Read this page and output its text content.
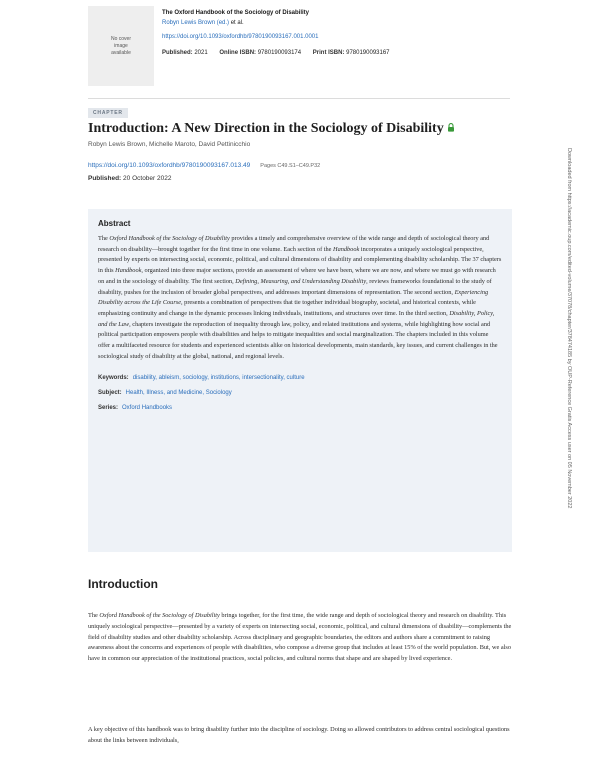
No cover
image
available
The Oxford Handbook of the Sociology of Disability
Robyn Lewis Brown (ed.) et al.
https://doi.org/10.1093/oxfordhb/9780190093167.001.0001
Published: 2021 Online ISBN: 9780190093174 Print ISBN: 9780190093167
CHAPTER
Introduction: A New Direction in the Sociology of Disability
Robyn Lewis Brown, Michelle Maroto, David Pettinicchio
https://doi.org/10.1093/oxfordhb/9780190093167.013.49 Pages C49.S1–C49.P32
Published: 20 October 2022
Abstract

The Oxford Handbook of the Sociology of Disability provides a timely and comprehensive overview of the wide range and depth of sociological theory and research on disability—brought together for the first time in one volume. Each section of the Handbook incorporates a uniquely sociological perspective, presented by experts on intersecting social, economic, political, and cultural dimensions of disability and complementing disability scholarship. The 37 chapters in this Handbook, organized into three major sections, provide an assessment of where we have been, where we are now, and where we must go with research on and in the sociology of disability. The first section, Defining, Measuring, and Understanding Disability, reviews frameworks foundational to the study of disability, pushes for the inclusion of broader global perspectives, and addresses important dimensions of representation. The second section, Experiencing Disability across the Life Course, presents a combination of perspectives that tie together individual biography, societal, and historical contexts, while emphasizing continuity and change in the dynamic processes linking individuals, institutions, and structures over time. In the third section, Disability, Policy, and the Law, chapters investigate the reproduction of inequality through law, policy, and related institutions and systems, while highlighting how social and political participation empowers people with disabilities and helps to mitigate inequalities and social marginalization. The chapters included in this volume offer a multifaceted resource for students and experienced scientists alike on historical developments, main standards, key issues, and current challenges in the sociological study of disability at the global, national, and regional levels.

Keywords: disability, ableism, sociology, institutions, intersectionality, culture
Subject: Health, Illness, and Medicine, Sociology
Series: Oxford Handbooks
Introduction

The Oxford Handbook of the Sociology of Disability brings together, for the first time, the wide range and depth of sociological theory and research on disability. This uniquely sociological perspective—presented by a variety of experts on intersecting social, economic, political, and cultural dimensions of disability—complements the field of disability studies and other disability scholarship. Across disciplinary and geographic boundaries, the editors and authors share a commitment to raising awareness about the concerns and experiences of people with disabilities, who compose a diverse group that includes at least 15% of the world population. But, we also have in common our appreciation of the institutional practices, social policies, and cultural norms that shape and are shaped by lived experience.

A key objective of this handbook was to bring disability further into the discipline of sociology. Doing so allowed contributors to address central sociological questions about the links between individuals,

Downloaded from https://academic.oup.com/edited-volume/37078/chapter/378474185 by OUP-Reference Gratis Access user on 05 November 2022
